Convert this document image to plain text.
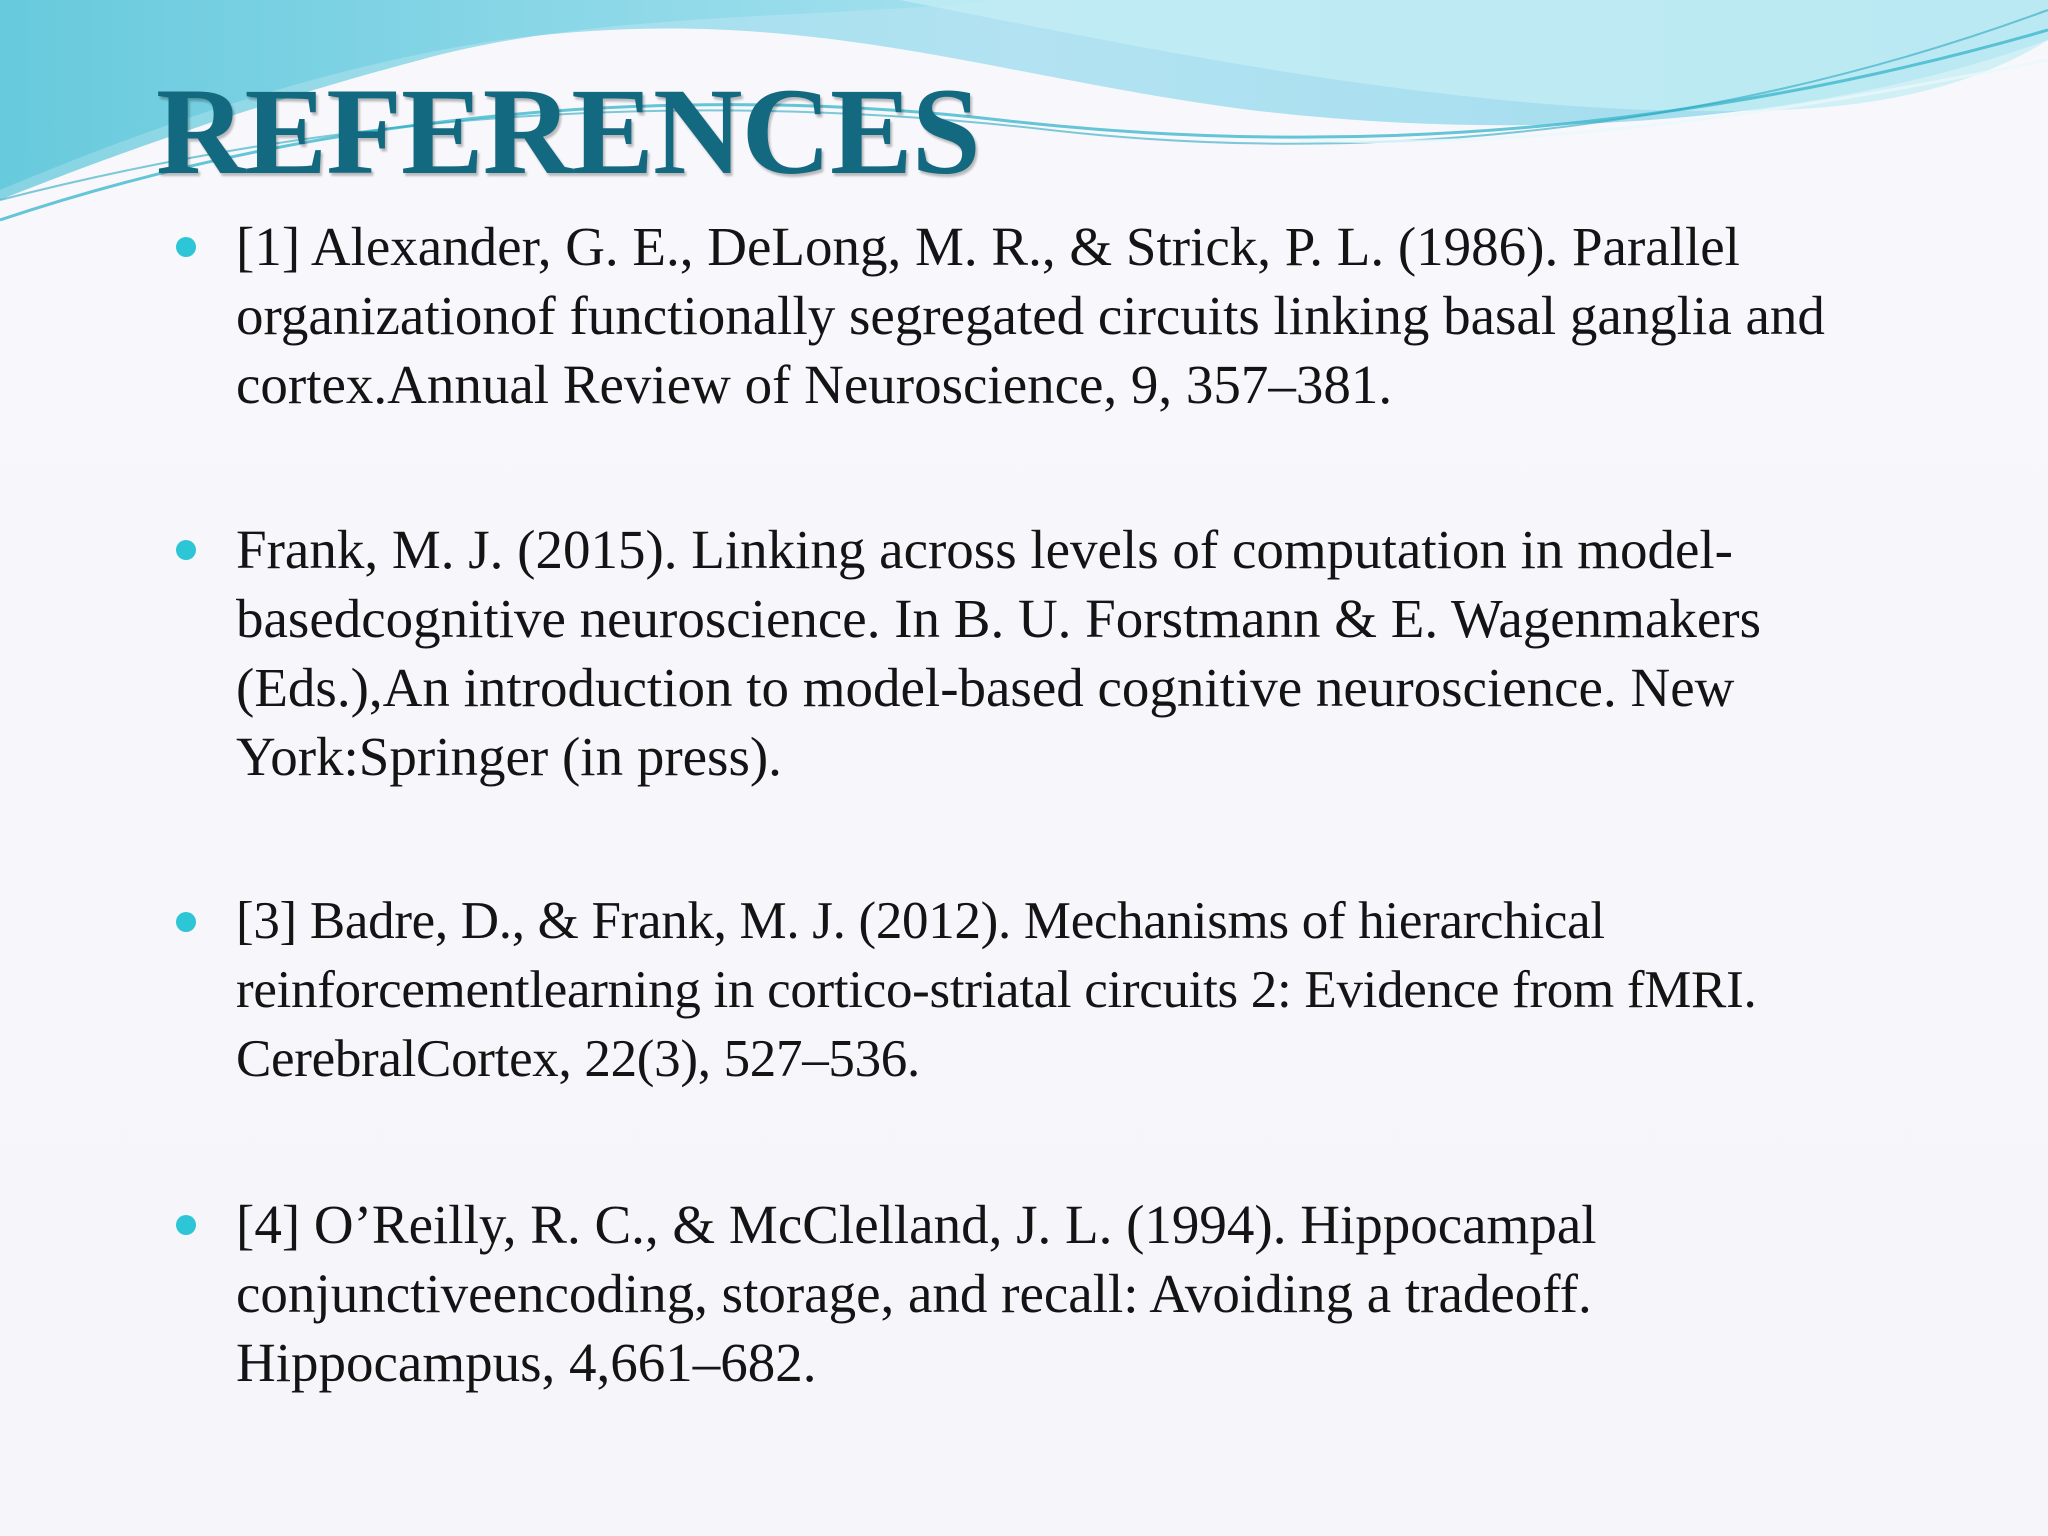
REFERENCES
[1] Alexander, G. E., DeLong, M. R., & Strick, P. L. (1986). Parallel organizationof functionally segregated circuits linking basal ganglia and cortex.Annual Review of Neuroscience, 9, 357–381.
Frank, M. J. (2015). Linking across levels of computation in model-basedcognitive neuroscience. In B. U. Forstmann & E. Wagenmakers (Eds.),An introduction to model-based cognitive neuroscience. New York:Springer (in press).
[3] Badre, D., & Frank, M. J. (2012). Mechanisms of hierarchical reinforcementlearning in cortico-striatal circuits 2: Evidence from fMRI. CerebralCortex, 22(3), 527–536.
[4] O’Reilly, R. C., & McClelland, J. L. (1994). Hippocampal conjunctiveencoding, storage, and recall: Avoiding a tradeoff. Hippocampus, 4,661–682.
